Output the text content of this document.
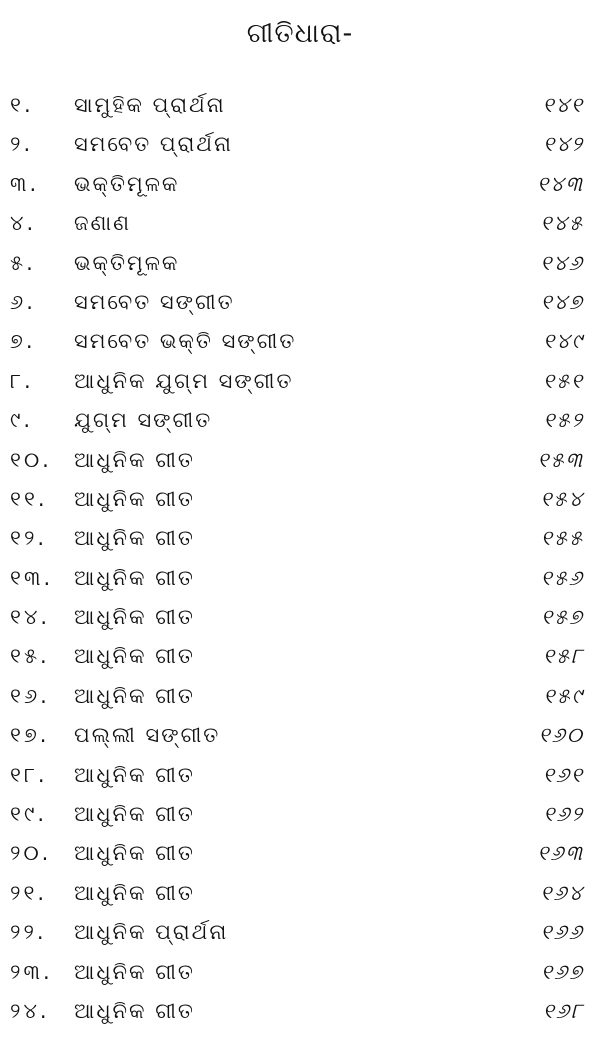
ଗୀତିଧାରା-
୧. ସାମୁହିକ ପ୍ରାର୍ଥନା	୧୪୧
୨. ସମବେତ ପ୍ରାର୍ଥନା	୧୪୨
୩. ଭକ୍ତିମୂଳକ	୧୪୩
୪. ଜଣାଣ	୧୪୫
୫. ଭକ୍ତିମୂଳକ	୧୪୬
୬. ସମବେତ ସଙ୍ଗୀତ	୧୪୭
୭. ସମବେତ ଭକ୍ତି ସଙ୍ଗୀତ	୧୪୯
୮. ଆଧୁନିକ ଯୁଗ୍ମ ସଙ୍ଗୀତ	୧୫୧
୯. ଯୁଗ୍ମ ସଙ୍ଗୀତ	୧୫୨
୧୦. ଆଧୁନିକ ଗୀତ	୧୫୩
୧୧. ଆଧୁନିକ ଗୀତ	୧୫୪
୧୨. ଆଧୁନିକ ଗୀତ	୧୫୫
୧୩. ଆଧୁନିକ ଗୀତ	୧୫୬
୧୪. ଆଧୁନିକ ଗୀତ	୧୫୭
୧୫. ଆଧୁନିକ ଗୀତ	୧୫୮
୧୬. ଆଧୁନିକ ଗୀତ	୧୫୯
୧୭. ପଲ୍ଲୀ ସଙ୍ଗୀତ	୧୬୦
୧୮. ଆଧୁନିକ ଗୀତ	୧୬୧
୧୯. ଆଧୁନିକ ଗୀତ	୧୬୨
୨୦. ଆଧୁନିକ ଗୀତ	୧୬୩
୨୧. ଆଧୁନିକ ଗୀତ	୧୬୪
୨୨. ଆଧୁନିକ ପ୍ରାର୍ଥନା	୧୬୬
୨୩. ଆଧୁନିକ ଗୀତ	୧୬୭
୨୪. ଆଧୁନିକ ଗୀତ	୧୬୮
